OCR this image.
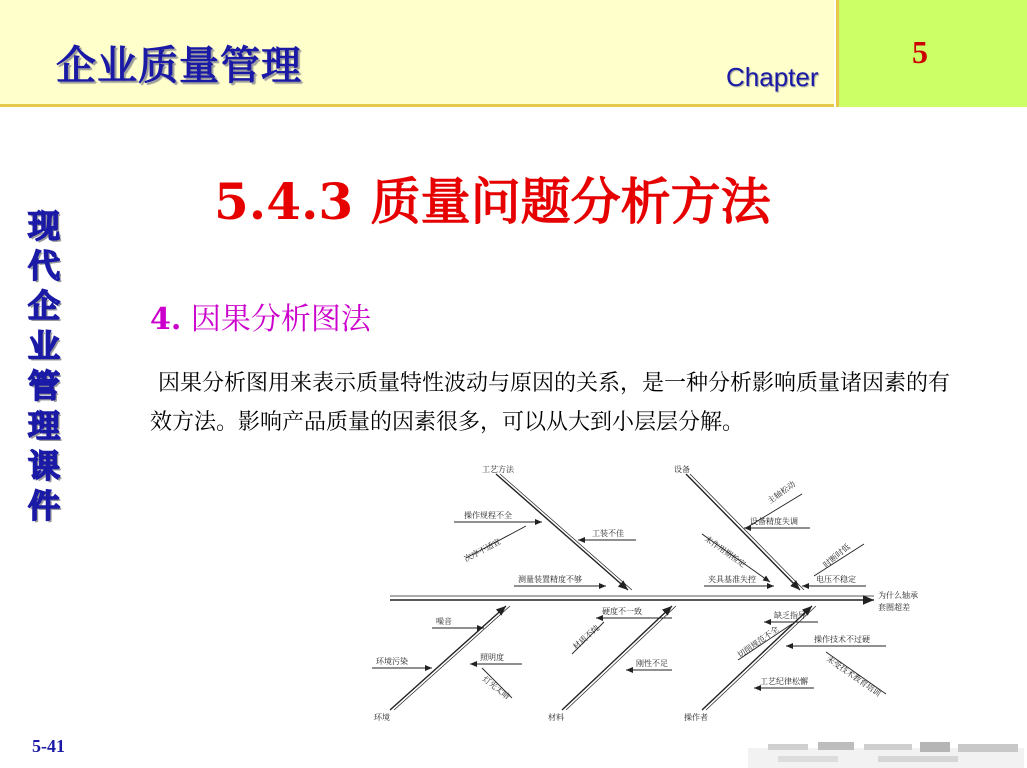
企业质量管理	Chapter
5
5.4.3 质量问题分析方法
现
代
企
业
管
理
课
件
4. 因果分析图法
因果分析图用来表示质量特性波动与原因的关系，是一种分析影响质量诸因素的有效方法。影响产品质量的因素很多，可以从大到小层层分解。
为什么轴承
套圈超差
工艺方法
操作规程不全
工装不佳
次序不适宜
测量装置精度不够
设备
主轴松动
设备精度失调
未作用期检定
夹具基准失控	电压不稳定
时断时低
环境
噪音
环境污染	照明度
灯光太暗
材料
硬度不一致
材质不纯
刚性不足
操作者
缺乏指导
切削规范不全	操作技术不过硬
未受技术教育培训
工艺纪律松懈
5-41
